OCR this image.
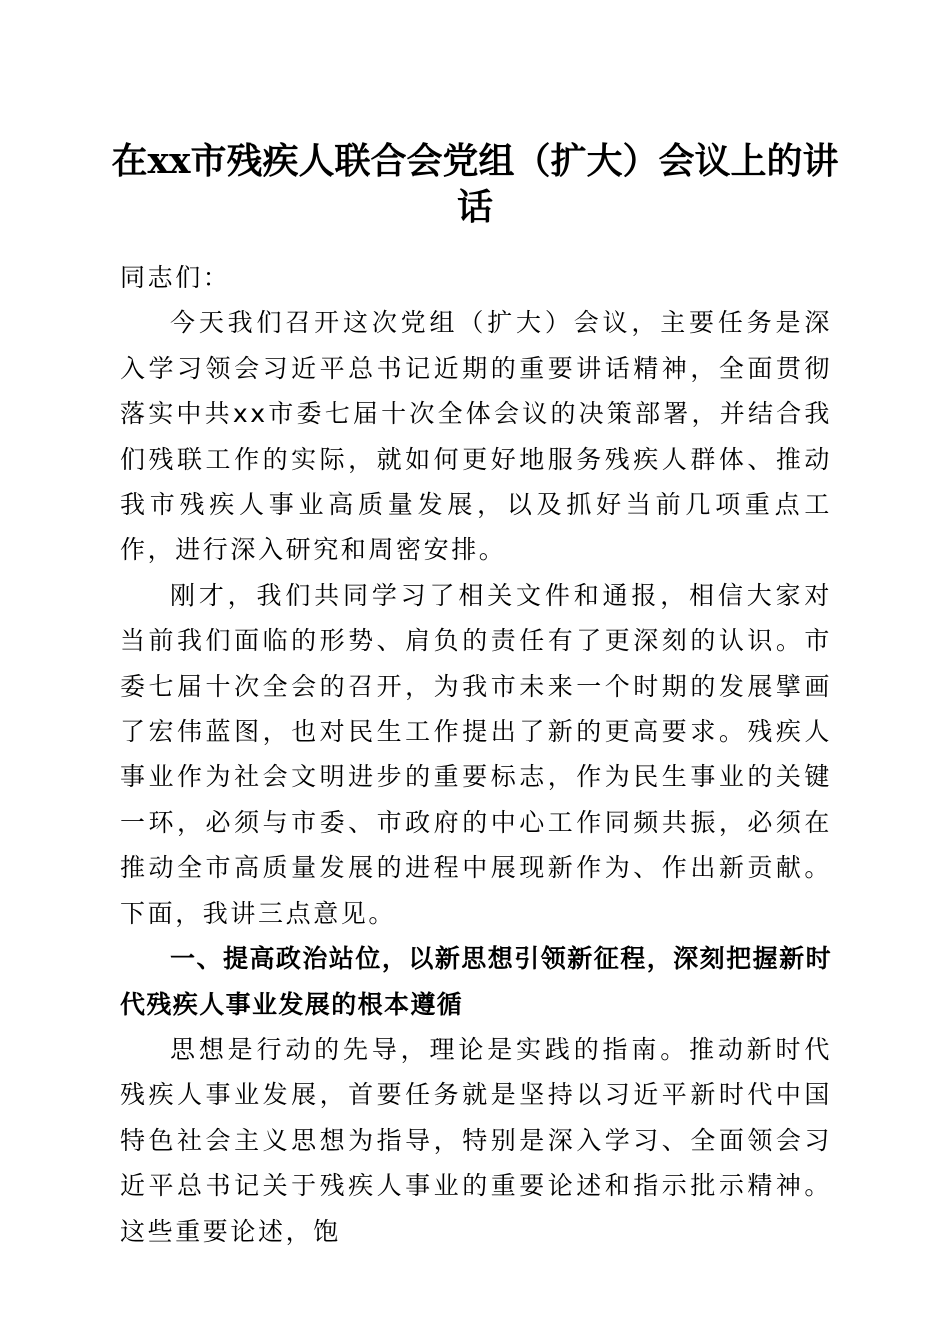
在xx市残疾人联合会党组（扩大）会议上的讲话

同志们：

今天我们召开这次党组（扩大）会议，主要任务是深入学习领会习近平总书记近期的重要讲话精神，全面贯彻落实中共xx市委七届十次全体会议的决策部署，并结合我们残联工作的实际，就如何更好地服务残疾人群体、推动我市残疾人事业高质量发展，以及抓好当前几项重点工作，进行深入研究和周密安排。

刚才，我们共同学习了相关文件和通报，相信大家对当前我们面临的形势、肩负的责任有了更深刻的认识。市委七届十次全会的召开，为我市未来一个时期的发展擘画了宏伟蓝图，也对民生工作提出了新的更高要求。残疾人事业作为社会文明进步的重要标志，作为民生事业的关键一环，必须与市委、市政府的中心工作同频共振，必须在推动全市高质量发展的进程中展现新作为、作出新贡献。下面，我讲三点意见。

一、提高政治站位，以新思想引领新征程，深刻把握新时代残疾人事业发展的根本遵循

思想是行动的先导，理论是实践的指南。推动新时代残疾人事业发展，首要任务就是坚持以习近平新时代中国特色社会主义思想为指导，特别是深入学习、全面领会习近平总书记关于残疾人事业的重要论述和指示批示精神。这些重要论述，饱
